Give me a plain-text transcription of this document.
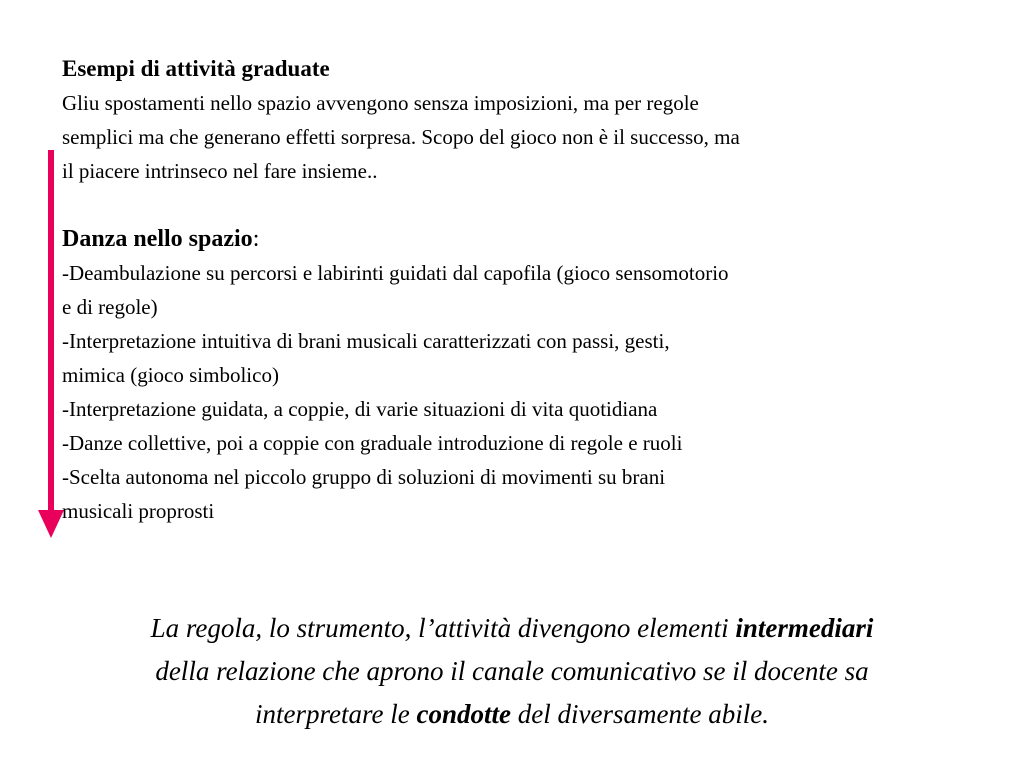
Esempi di attività graduate

Gliu spostamenti nello spazio avvengono sensza imposizioni, ma per regole

semplici ma che generano effetti sorpresa. Scopo del gioco non è il successo, ma

il piacere intrinseco nel fare insieme..

Danza nello spazio:

-Deambulazione su percorsi e labirinti guidati dal capofila (gioco sensomotorio

e di regole)

-Interpretazione intuitiva di brani musicali caratterizzati con passi, gesti,

mimica (gioco simbolico)

-Interpretazione guidata, a coppie, di varie situazioni di vita quotidiana

-Danze collettive, poi a coppie con graduale introduzione di regole e ruoli

-Scelta autonoma nel piccolo gruppo di soluzioni di movimenti su brani

musicali proprosti

La regola, lo strumento, l’attività divengono elementi intermediari
della relazione che aprono il canale comunicativo se il docente sa
interpretare le condotte del diversamente abile.
